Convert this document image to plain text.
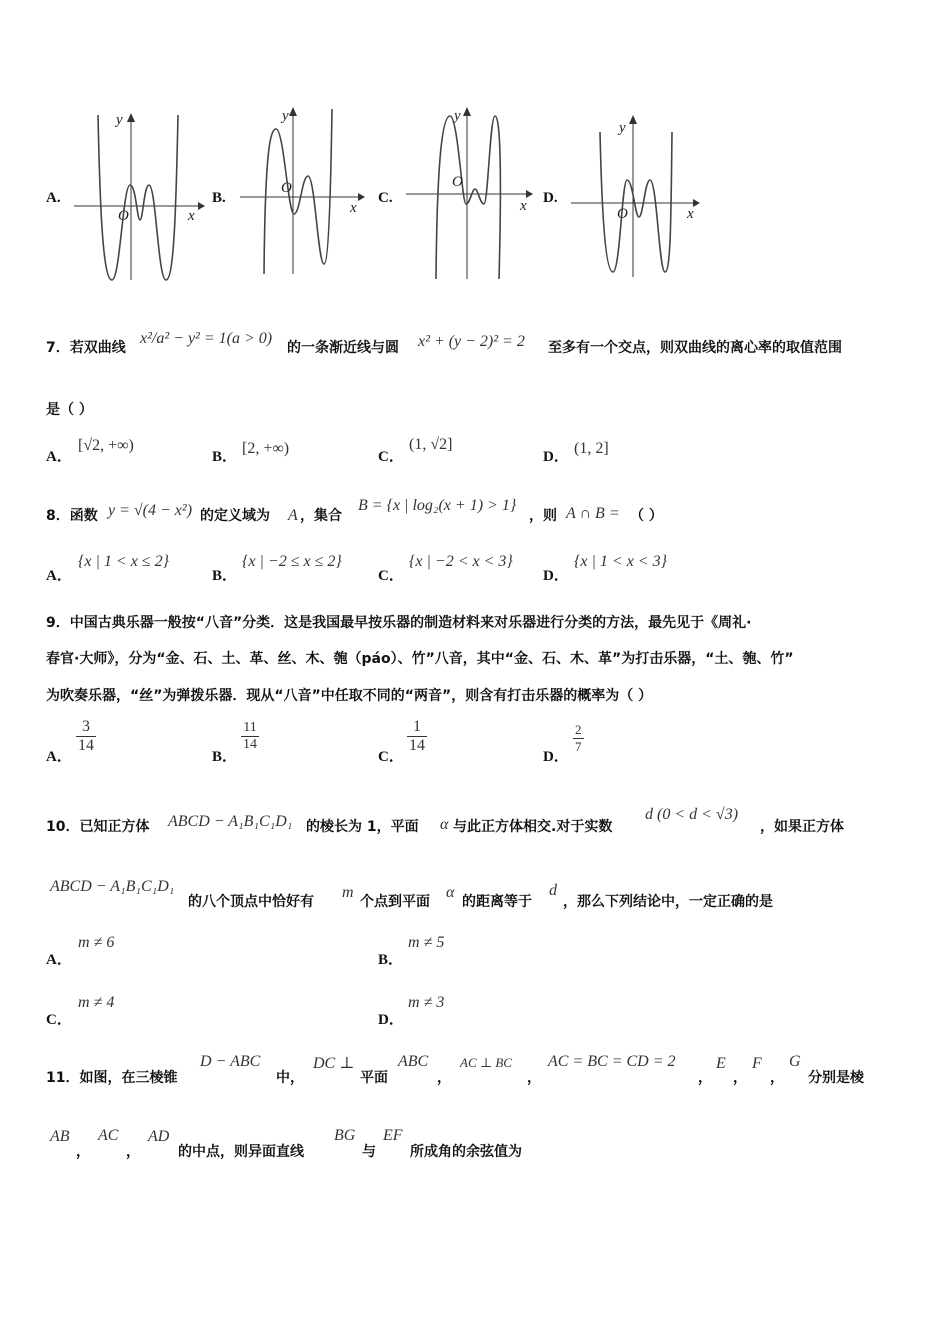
A.
y
x
O
B.
y
x
O
C.
y
x
O
D.
y
x
O
7．若双曲线
x²/a² − y² = 1(a > 0)
的一条渐近线与圆 x² + (y − 2)² = 2 至多有一个交点，则双曲线的离心率的取值范围
是（ ）
A．
[√2, +∞)
B． [2, +∞)	C．
(1, √2]
D． (1, 2]
8．函数 y = √(4 − x²) 的定义域为 A ，集合
B = {x | log₂(x + 1) > 1}
，则 A ∩ B = （ ）
A．
{x | 1 < x ≤ 2}
B．
{x | −2 ≤ x ≤ 2}
C．
{x | −2 < x < 3}
D．
{x | 1 < x < 3}
9．中国古典乐器一般按“八音”分类．这是我国最早按乐器的制造材料来对乐器进行分类的方法，最先见于《周礼·
春官·大师》，分为“金、石、土、革、丝、木、匏（páo）、竹”八音，其中“金、石、木、革”为打击乐器，“土、匏、竹”
为吹奏乐器，“丝”为弹拨乐器．现从“八音”中任取不同的“两音”，则含有打击乐器的概率为（ ）
A．
$\frac{3}{14}$
B．
$\frac{11}{14}$
C．
$\frac{1}{14}$
D．
$\frac{2}{7}$
10．已知正方体 ABCD − A₁B₁C₁D₁ 的棱长为 1，平面 α 与此正方体相交.对于实数
d (0 < d < √3)
，如果正方体
ABCD − A₁B₁C₁D₁
的八个顶点中恰好有
m
个点到平面
α
的距离等于
d
，那么下列结论中，一定正确的是
A．
m ≠ 6
B．
m ≠ 5
C．
m ≠ 4
D．
m ≠ 3
11．如图，在三棱锥
D − ABC
中，
DC ⊥
平面
ABC
，
AC ⊥ BC
，
AC = BC = CD = 2
，
E
，
F
，
G
分别是棱
AB
，
AC
，
AD
的中点，则异面直线
BG
与
EF
所成角的余弦值为
